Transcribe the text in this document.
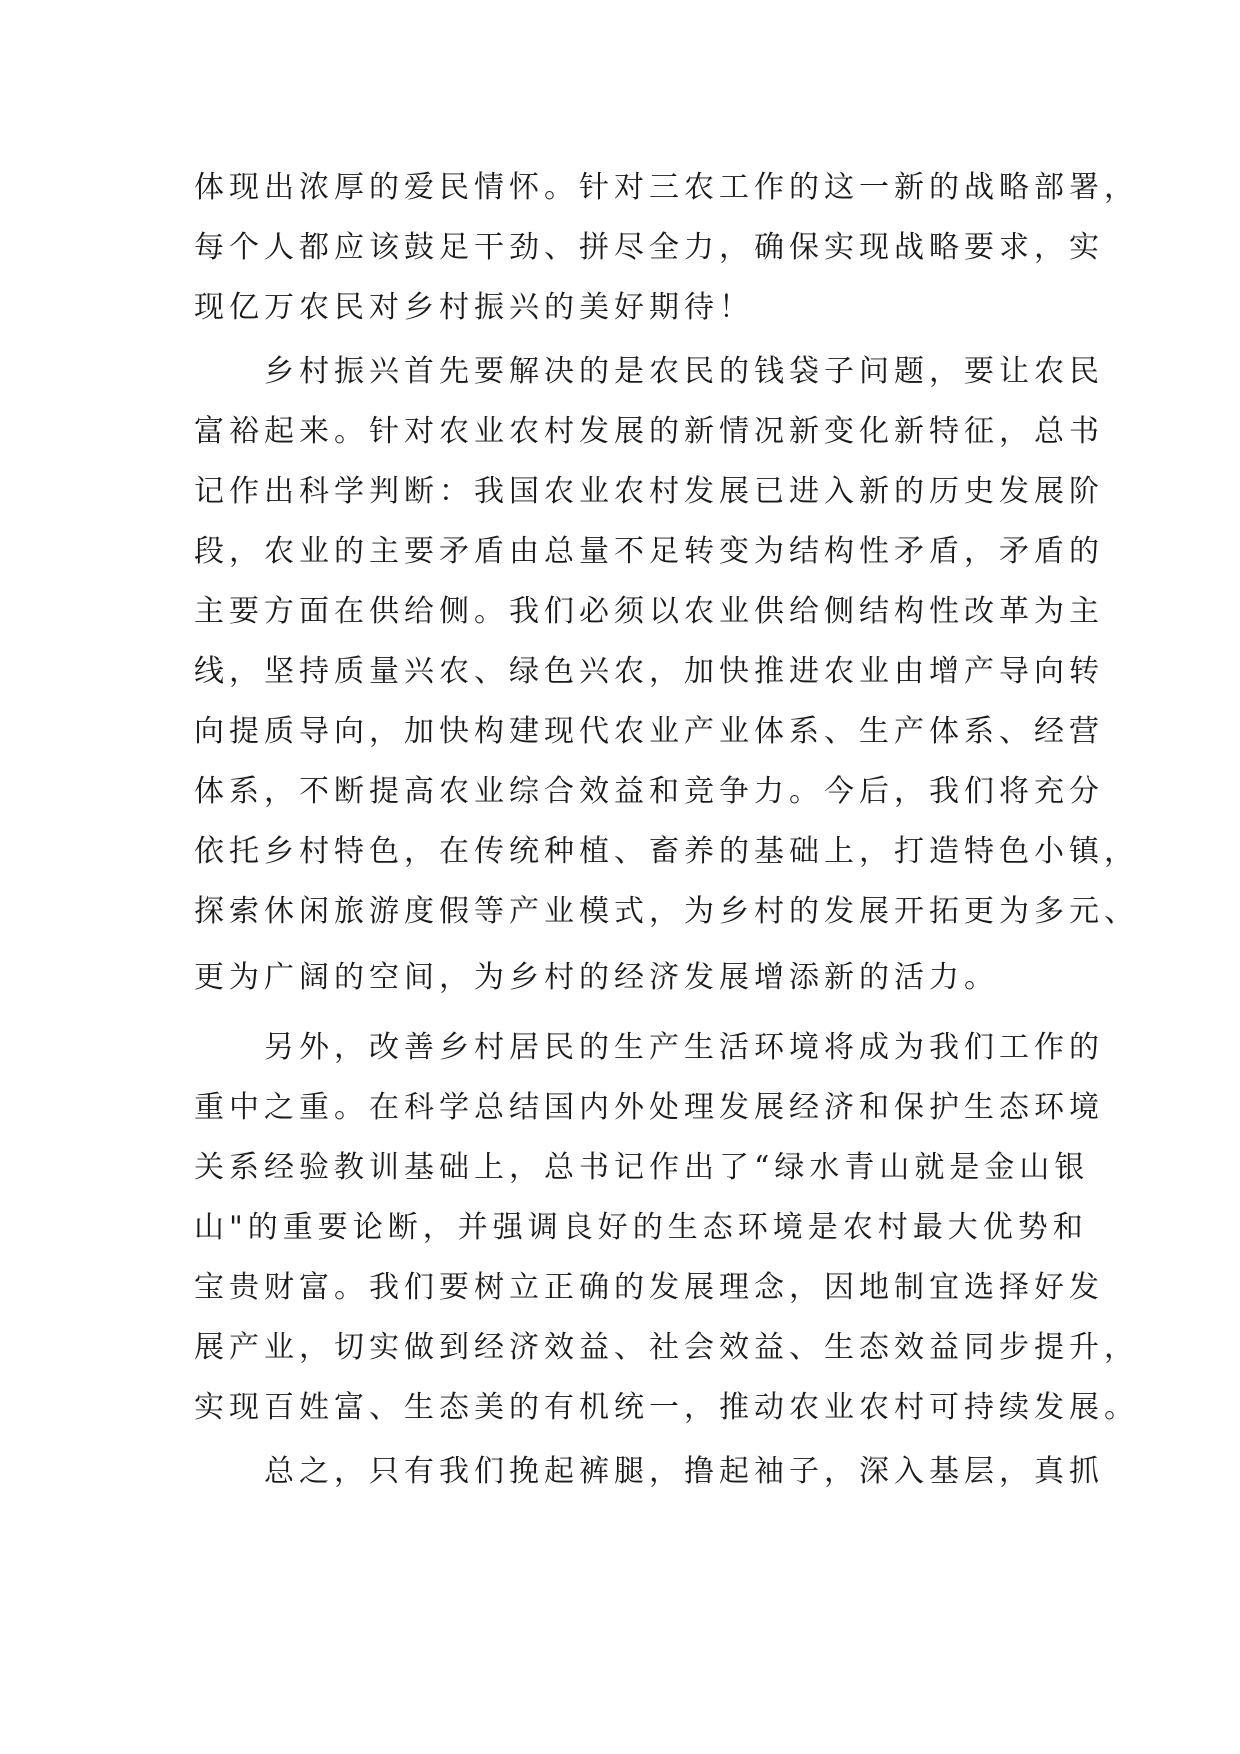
体现出浓厚的爱民情怀。针对三农工作的这一新的战略部署，
每个人都应该鼓足干劲、拼尽全力，确保实现战略要求，实
现亿万农民对乡村振兴的美好期待！
乡村振兴首先要解决的是农民的钱袋子问题，要让农民
富裕起来。针对农业农村发展的新情况新变化新特征，总书
记作出科学判断：我国农业农村发展已进入新的历史发展阶
段，农业的主要矛盾由总量不足转变为结构性矛盾，矛盾的
主要方面在供给侧。我们必须以农业供给侧结构性改革为主
线，坚持质量兴农、绿色兴农，加快推进农业由增产导向转
向提质导向，加快构建现代农业产业体系、生产体系、经营
体系，不断提高农业综合效益和竞争力。今后，我们将充分
依托乡村特色，在传统种植、畜养的基础上，打造特色小镇，
探索休闲旅游度假等产业模式，为乡村的发展开拓更为多元、
更为广阔的空间，为乡村的经济发展增添新的活力。
另外，改善乡村居民的生产生活环境将成为我们工作的
重中之重。在科学总结国内外处理发展经济和保护生态环境
关系经验教训基础上，总书记作出了“绿水青山就是金山银
山"的重要论断，并强调良好的生态环境是农村最大优势和
宝贵财富。我们要树立正确的发展理念，因地制宜选择好发
展产业，切实做到经济效益、社会效益、生态效益同步提升，
实现百姓富、生态美的有机统一，推动农业农村可持续发展。
总之，只有我们挽起裤腿，撸起袖子，深入基层，真抓
